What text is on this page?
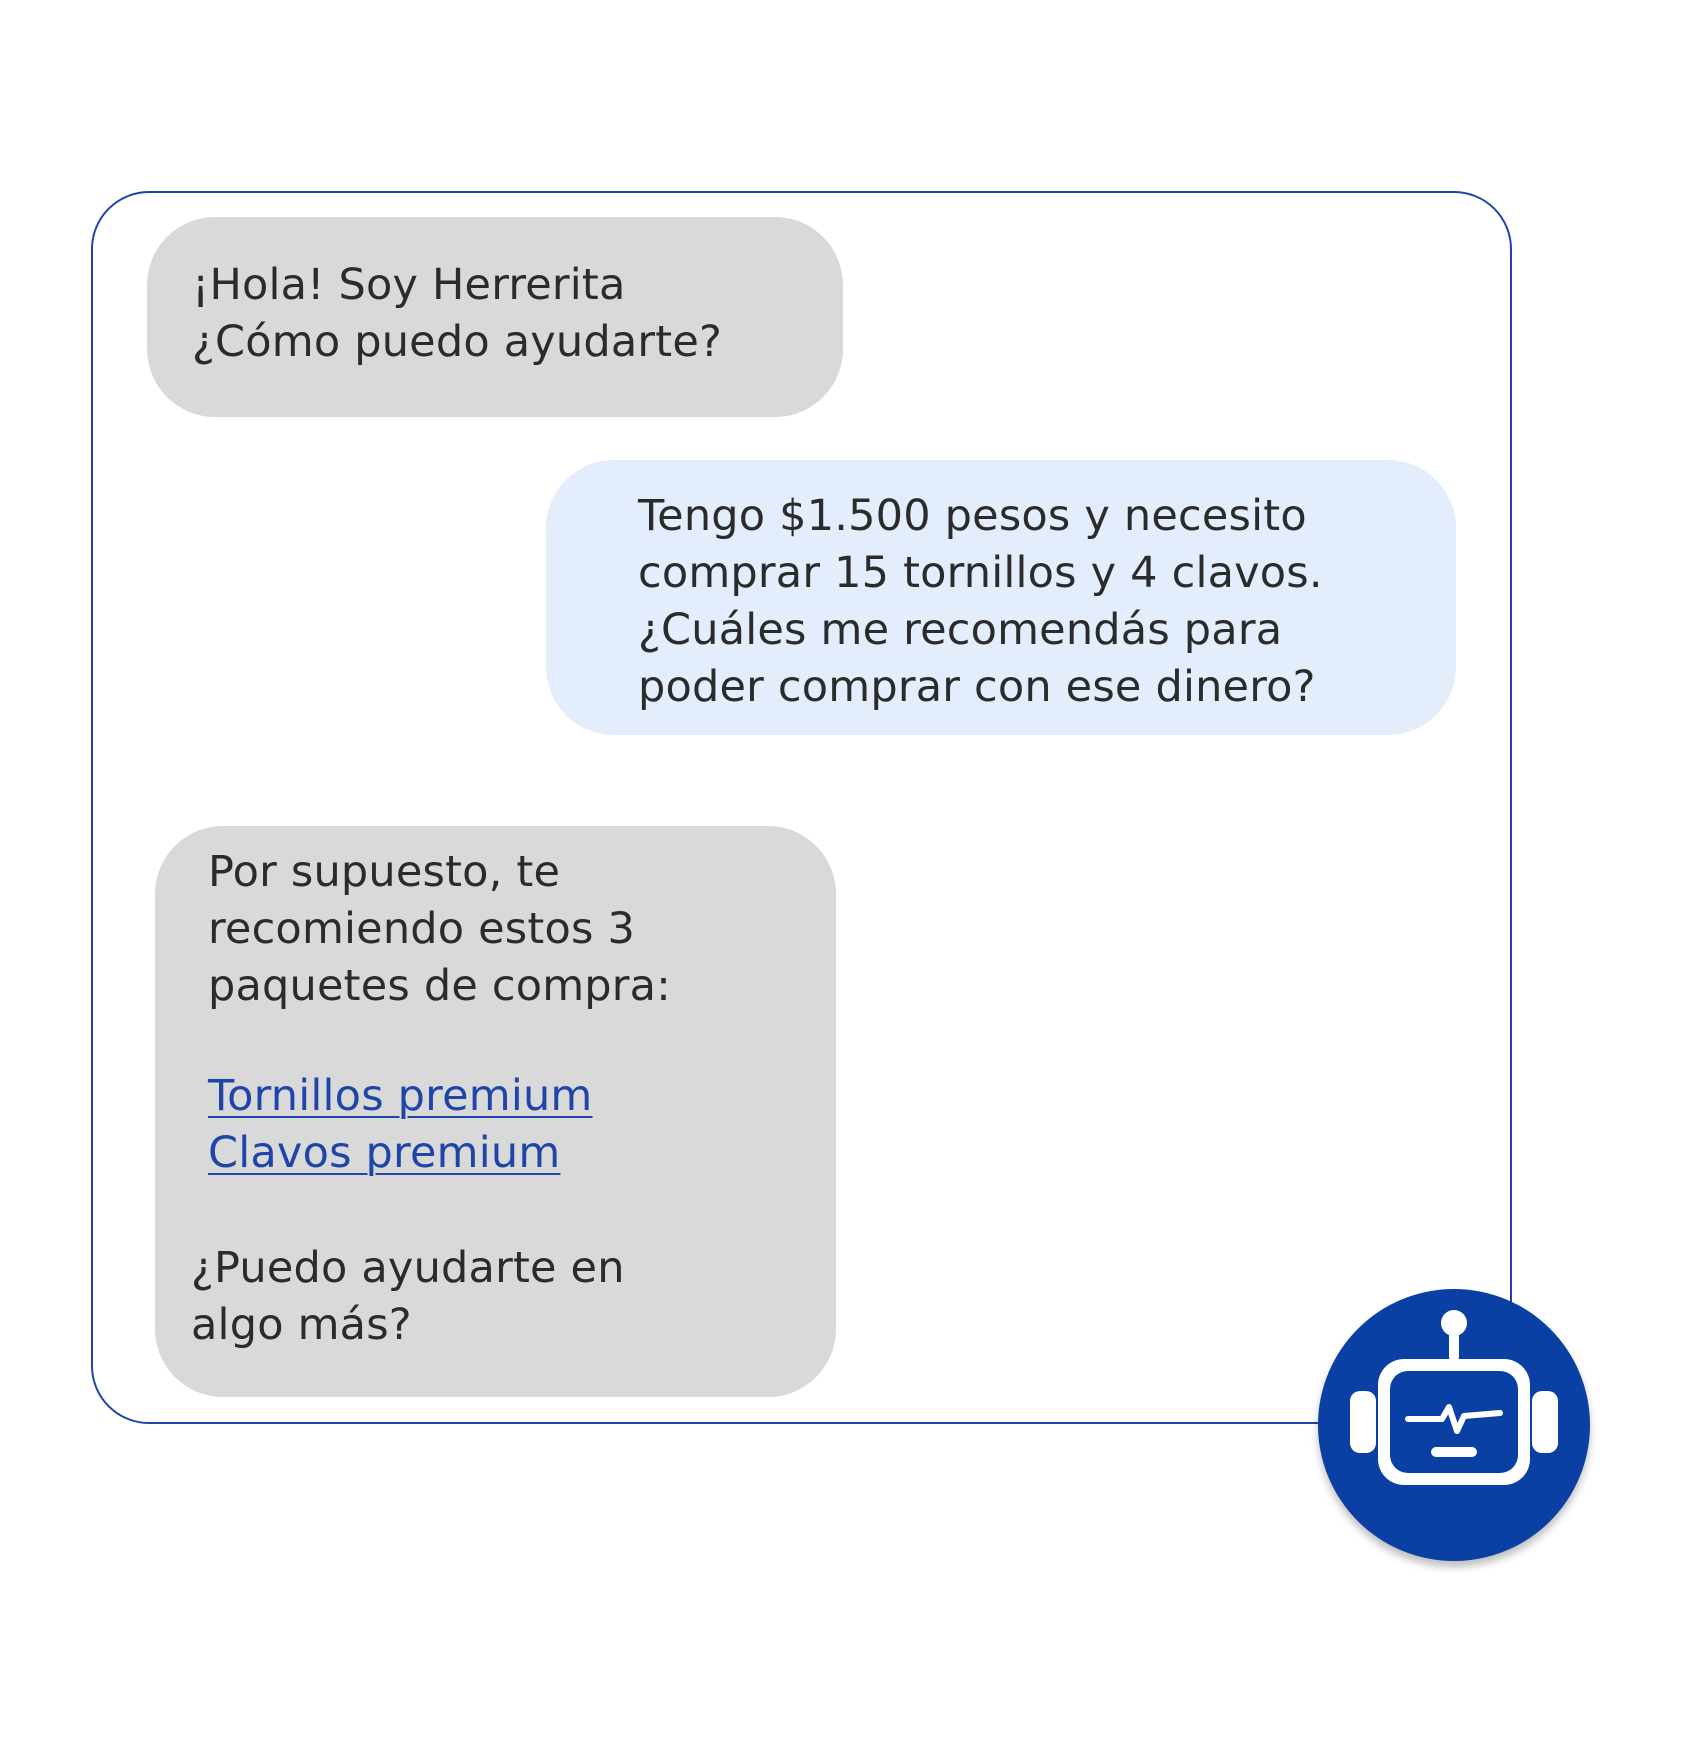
¡Hola! Soy Herrerita
¿Cómo puedo ayudarte?
Tengo $1.500 pesos y necesito
comprar 15 tornillos y 4 clavos.
¿Cuáles me recomendás para
poder comprar con ese dinero?
Por supuesto, te
recomiendo estos 3
paquetes de compra:
Tornillos premium
Clavos premium
¿Puedo ayudarte en
algo más?
